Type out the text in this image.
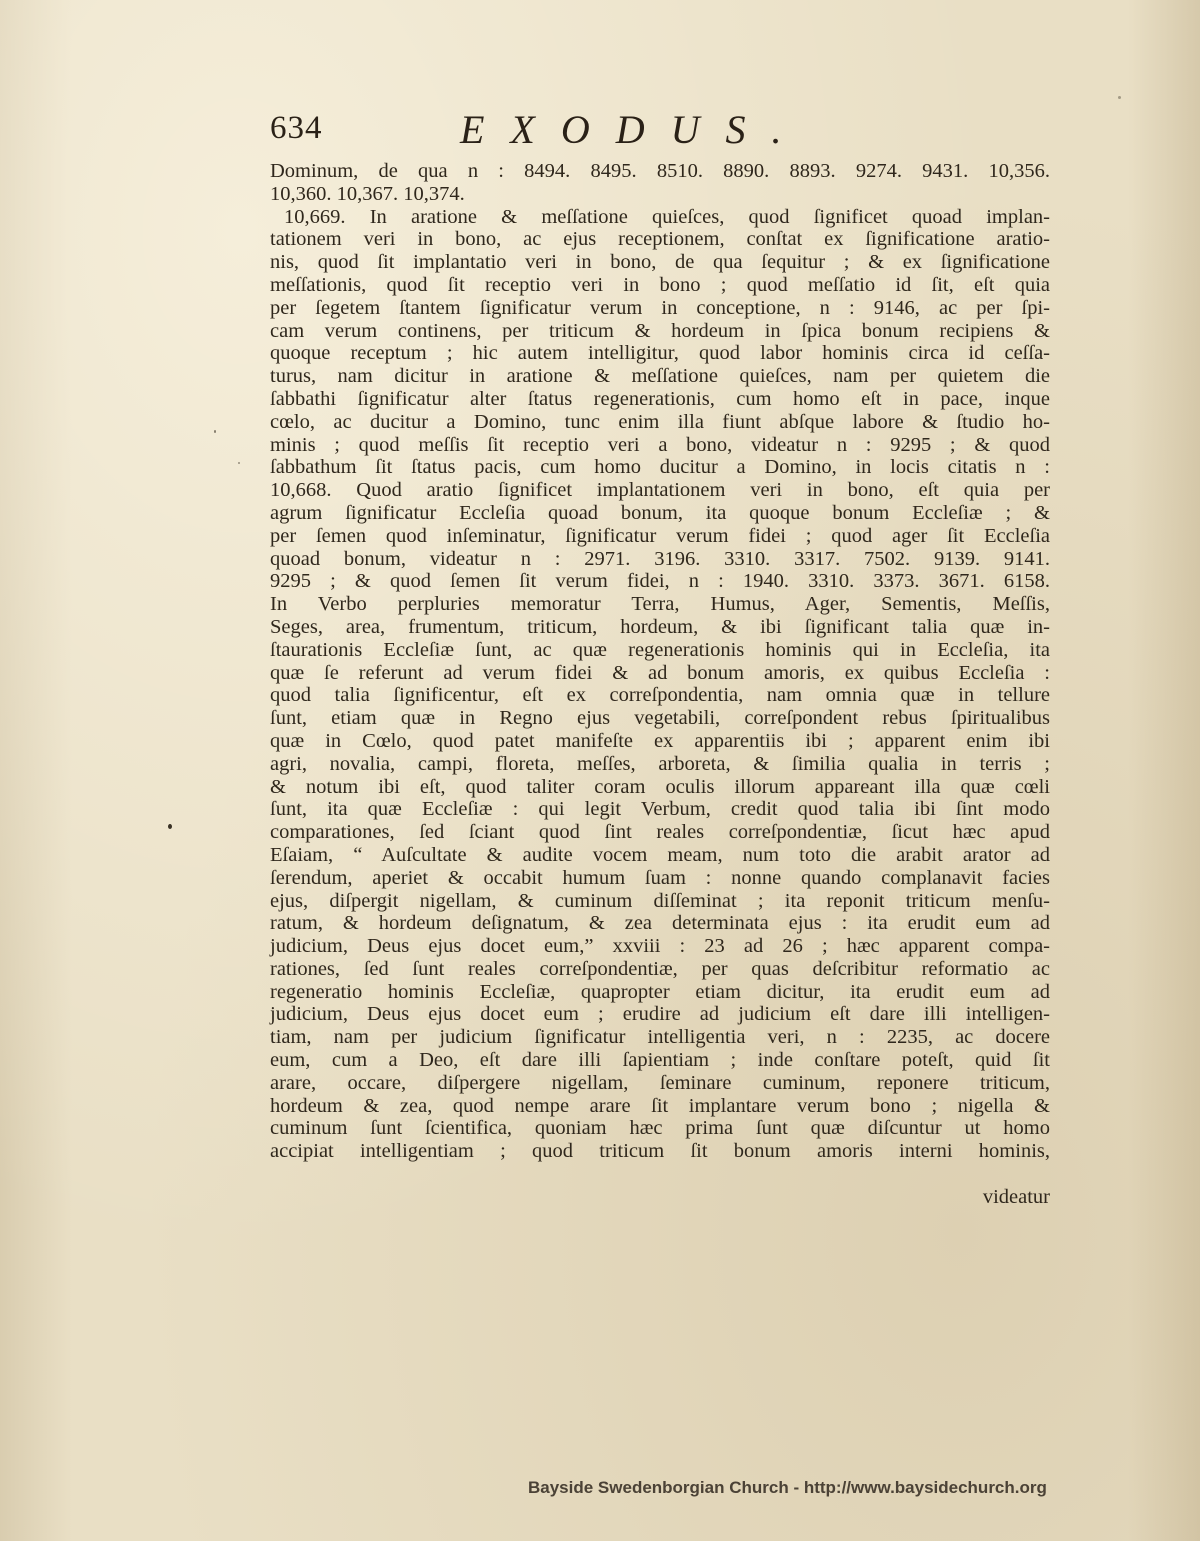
634	EXODUS.
Dominum, de qua n : 8494. 8495. 8510. 8890. 8893. 9274. 9431. 10,356.
10,360. 10,367. 10,374.
10,669. In aratione & meſſatione quieſces, quod ſignificet quoad implan-
tationem veri in bono, ac ejus receptionem, conſtat ex ſignificatione aratio-
nis, quod ſit implantatio veri in bono, de qua ſequitur ; & ex ſignificatione
meſſationis, quod ſit receptio veri in bono ; quod meſſatio id ſit, eſt quia
per ſegetem ſtantem ſignificatur verum in conceptione, n : 9146, ac per ſpi-
cam verum continens, per triticum & hordeum in ſpica bonum recipiens &
quoque receptum ; hic autem intelligitur, quod labor hominis circa id ceſſa-
turus, nam dicitur in aratione & meſſatione quieſces, nam per quietem die
ſabbathi ſignificatur alter ſtatus regenerationis, cum homo eſt in pace, inque
cœlo, ac ducitur a Domino, tunc enim illa fiunt abſque labore & ſtudio ho-
minis ; quod meſſis ſit receptio veri a bono, videatur n : 9295 ; & quod
ſabbathum ſit ſtatus pacis, cum homo ducitur a Domino, in locis citatis n :
10,668. Quod aratio ſignificet implantationem veri in bono, eſt quia per
agrum ſignificatur Eccleſia quoad bonum, ita quoque bonum Eccleſiæ ; &
per ſemen quod inſeminatur, ſignificatur verum fidei ; quod ager ſit Eccleſia
quoad bonum, videatur n : 2971. 3196. 3310. 3317. 7502. 9139. 9141.
9295 ; & quod ſemen ſit verum fidei, n : 1940. 3310. 3373. 3671. 6158.
In Verbo perpluries memoratur Terra, Humus, Ager, Sementis, Meſſis,
Seges, area, frumentum, triticum, hordeum, & ibi ſignificant talia quæ in-
ſtaurationis Eccleſiæ ſunt, ac quæ regenerationis hominis qui in Eccleſia, ita
quæ ſe referunt ad verum fidei & ad bonum amoris, ex quibus Eccleſia :
quod talia ſignificentur, eſt ex correſpondentia, nam omnia quæ in tellure
ſunt, etiam quæ in Regno ejus vegetabili, correſpondent rebus ſpiritualibus
quæ in Cœlo, quod patet manifeſte ex apparentiis ibi ; apparent enim ibi
agri, novalia, campi, floreta, meſſes, arboreta, & ſimilia qualia in terris ;
& notum ibi eſt, quod taliter coram oculis illorum appareant illa quæ cœli
ſunt, ita quæ Eccleſiæ : qui legit Verbum, credit quod talia ibi ſint modo
comparationes, ſed ſciant quod ſint reales correſpondentiæ, ſicut hæc apud
Eſaiam, “ Auſcultate & audite vocem meam, num toto die arabit arator ad
ſerendum, aperiet & occabit humum ſuam : nonne quando complanavit facies
ejus, diſpergit nigellam, & cuminum diſſeminat ; ita reponit triticum menſu-
ratum, & hordeum deſignatum, & zea determinata ejus : ita erudit eum ad
judicium, Deus ejus docet eum,” xxviii : 23 ad 26 ; hæc apparent compa-
rationes, ſed ſunt reales correſpondentiæ, per quas deſcribitur reformatio ac
regeneratio hominis Eccleſiæ, quapropter etiam dicitur, ita erudit eum ad
judicium, Deus ejus docet eum ; erudire ad judicium eſt dare illi intelligen-
tiam, nam per judicium ſignificatur intelligentia veri, n : 2235, ac docere
eum, cum a Deo, eſt dare illi ſapientiam ; inde conſtare poteſt, quid ſit
arare, occare, diſpergere nigellam, ſeminare cuminum, reponere triticum,
hordeum & zea, quod nempe arare ſit implantare verum bono ; nigella &
cuminum ſunt ſcientifica, quoniam hæc prima ſunt quæ diſcuntur ut homo
accipiat intelligentiam ; quod triticum ſit bonum amoris interni hominis,
videatur
Bayside Swedenborgian Church - http://www.baysidechurch.org
